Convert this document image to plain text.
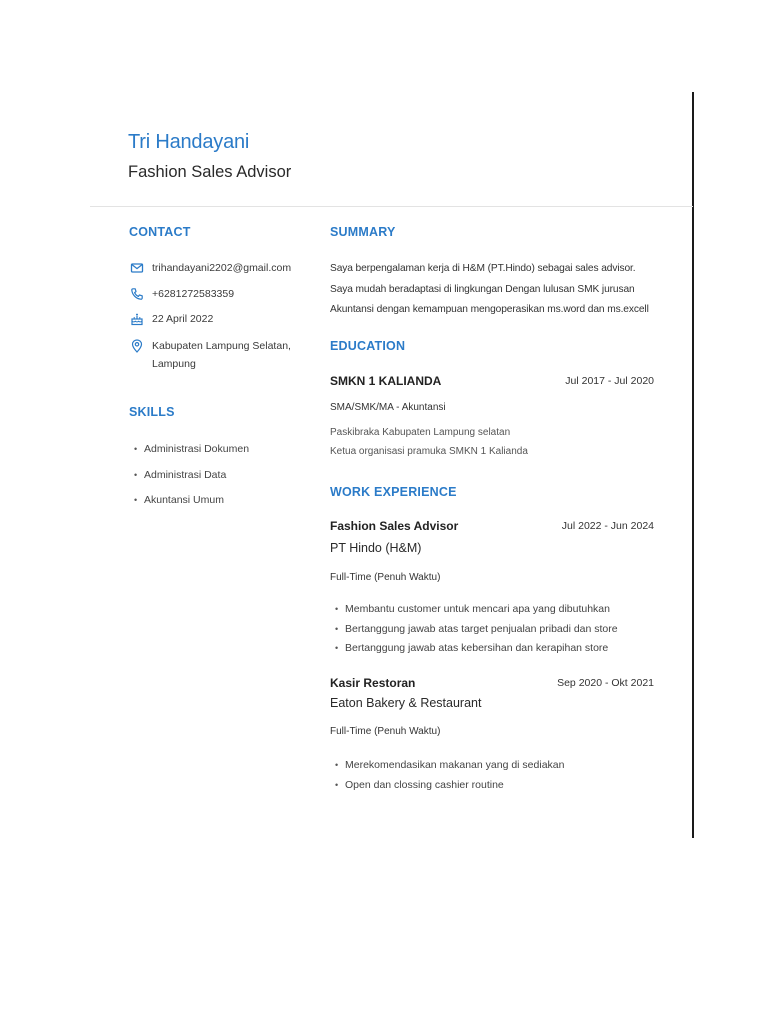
Tri Handayani
Fashion Sales Advisor
CONTACT
trihandayani2202@gmail.com
+6281272583359
22 April 2022
Kabupaten Lampung Selatan, Lampung
SKILLS
• Administrasi Dokumen
• Administrasi Data
• Akuntansi Umum
SUMMARY
Saya berpengalaman kerja di H&M (PT.Hindo) sebagai sales advisor. Saya mudah beradaptasi di lingkungan Dengan lulusan SMK jurusan Akuntansi dengan kemampuan mengoperasikan ms.word dan ms.excell
EDUCATION
SMKN 1 KALIANDA	Jul 2017 - Jul 2020
SMA/SMK/MA - Akuntansi
Paskibraka Kabupaten Lampung selatan
Ketua organisasi pramuka SMKN 1 Kalianda
WORK EXPERIENCE
Fashion Sales Advisor	Jul 2022 - Jun 2024
PT Hindo (H&M)
Full-Time (Penuh Waktu)
• Membantu customer untuk mencari apa yang dibutuhkan
• Bertanggung jawab atas target penjualan pribadi dan store
• Bertanggung jawab atas kebersihan dan kerapihan store
Kasir Restoran	Sep 2020 - Okt 2021
Eaton Bakery & Restaurant
Full-Time (Penuh Waktu)
• Merekomendasikan makanan yang di sediakan
• Open dan clossing cashier routine
